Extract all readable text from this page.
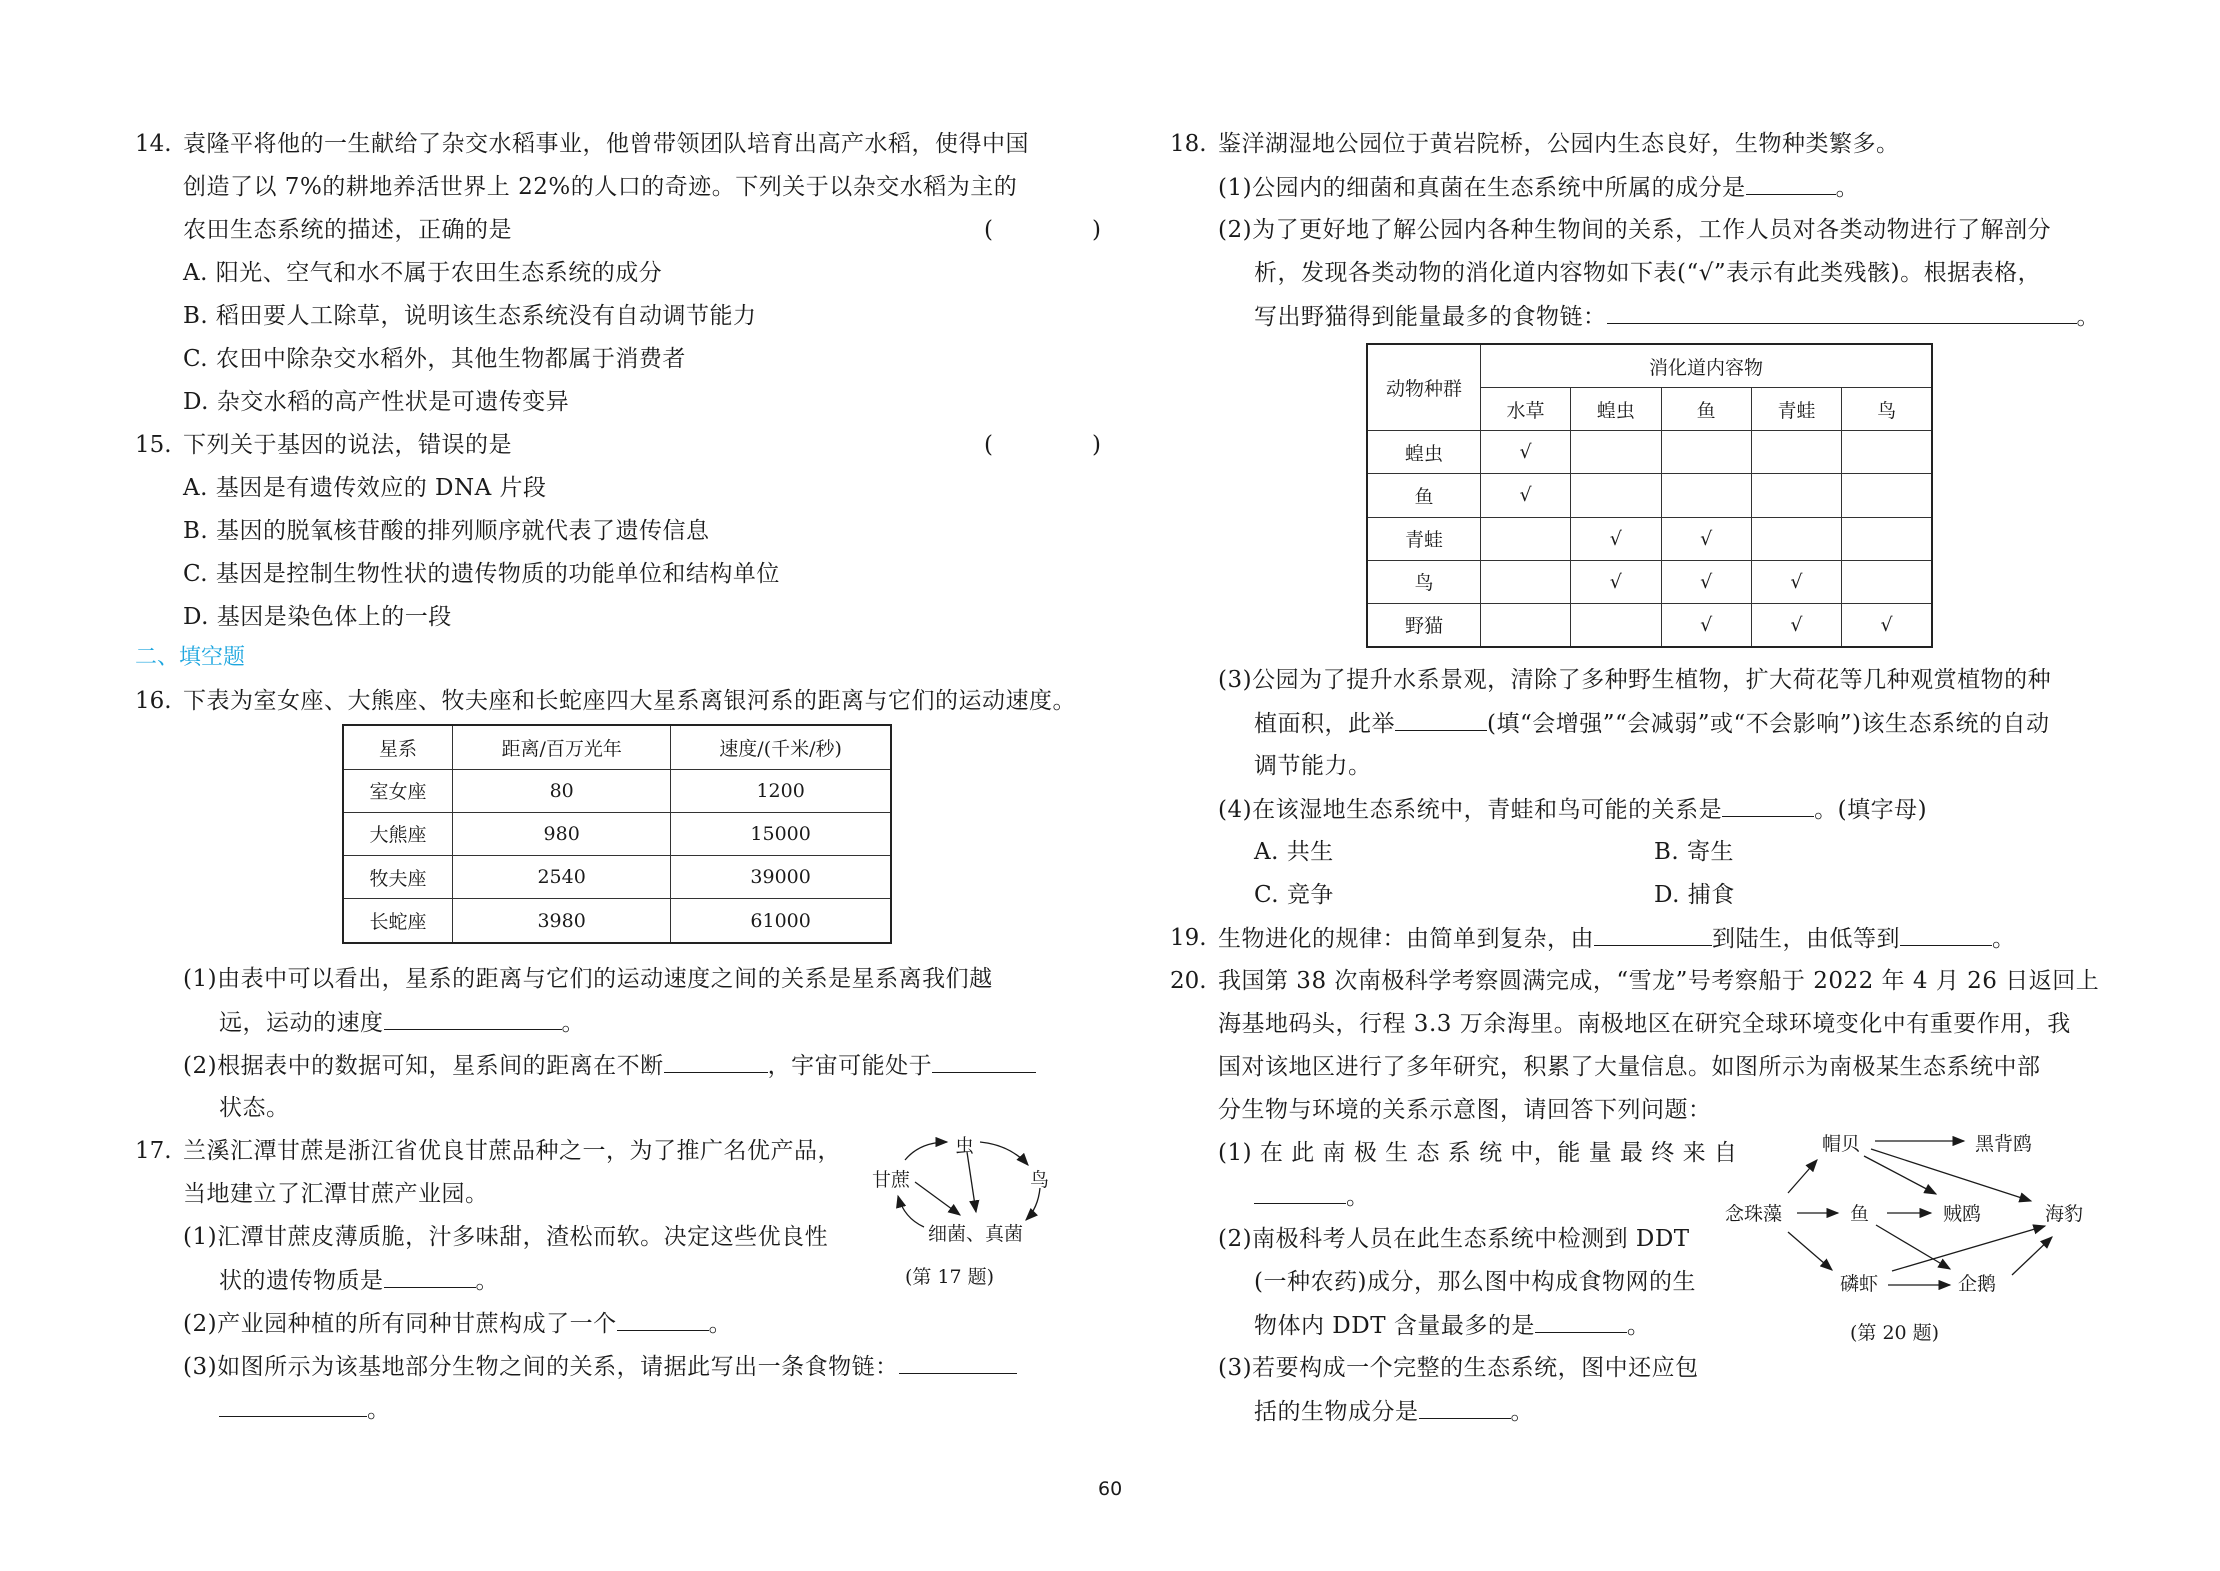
14. 袁隆平将他的一生献给了杂交水稻事业，他曾带领团队培育出高产水稻，使得中国
创造了以 7%的耕地养活世界上 22%的人口的奇迹。下列关于以杂交水稻为主的
农田生态系统的描述，正确的是	(　)
A. 阳光、空气和水不属于农田生态系统的成分
B. 稻田要人工除草，说明该生态系统没有自动调节能力
C. 农田中除杂交水稻外，其他生物都属于消费者
D. 杂交水稻的高产性状是可遗传变异
15. 下列关于基因的说法，错误的是	(　)
A. 基因是有遗传效应的 DNA 片段
B. 基因的脱氧核苷酸的排列顺序就代表了遗传信息
C. 基因是控制生物性状的遗传物质的功能单位和结构单位
D. 基因是染色体上的一段
二、填空题
16. 下表为室女座、大熊座、牧夫座和长蛇座四大星系离银河系的距离与它们的运动速度。
星系	距离/百万光年	速度/(千米/秒)
室女座	80	1200
大熊座	980	15000
牧夫座	2540	39000
长蛇座	3980	61000
(1)由表中可以看出，星系的距离与它们的运动速度之间的关系是星系离我们越
远，运动的速度	。
(2)根据表中的数据可知，星系间的距离在不断	，宇宙可能处于
状态。
17. 兰溪汇潭甘蔗是浙江省优良甘蔗品种之一，为了推广名优产品，
当地建立了汇潭甘蔗产业园。
(1)汇潭甘蔗皮薄质脆，汁多味甜，渣松而软。决定这些优良性
状的遗传物质是	。
(2)产业园种植的所有同种甘蔗构成了一个	。
(3)如图所示为该基地部分生物之间的关系，请据此写出一条食物链：
。
虫
甘蔗	鸟
细菌、真菌
(第 17 题)
18. 鉴洋湖湿地公园位于黄岩院桥，公园内生态良好，生物种类繁多。
(1)公园内的细菌和真菌在生态系统中所属的成分是	。
(2)为了更好地了解公园内各种生物间的关系，工作人员对各类动物进行了解剖分
析，发现各类动物的消化道内容物如下表(“√”表示有此类残骸)。根据表格，
写出野猫得到能量最多的食物链：	。
动物种群	消化道内容物				
	水草	蝗虫	鱼	青蛙	鸟
蝗虫	√				
鱼	√				
青蛙		√	√		
鸟		√	√	√	
野猫			√	√	√
(3)公园为了提升水系景观，清除了多种野生植物，扩大荷花等几种观赏植物的种
植面积，此举	(填“会增强”“会减弱”或“不会影响”)该生态系统的自动
调节能力。
(4)在该湿地生态系统中，青蛙和鸟可能的关系是	。(填字母)
A. 共生	B. 寄生
C. 竞争	D. 捕食
19. 生物进化的规律：由简单到复杂，由	到陆生，由低等到	。
20. 我国第 38 次南极科学考察圆满完成，“雪龙”号考察船于 2022 年 4 月 26 日返回上
海基地码头，行程 3.3 万余海里。南极地区在研究全球环境变化中有重要作用，我
国对该地区进行了多年研究，积累了大量信息。如图所示为南极某生态系统中部
分生物与环境的关系示意图，请回答下列问题：
(1) 在 此 南 极 生 态 系 统 中，能 量 最 终 来 自
。
(2)南极科考人员在此生态系统中检测到 DDT
(一种农药)成分，那么图中构成食物网的生
物体内 DDT 含量最多的是	。
(3)若要构成一个完整的生态系统，图中还应包
括的生物成分是	。
念珠藻
帽贝	黑背鸥
鱼	贼鸥	海豹
磷虾	企鹅
(第 20 题)
60
